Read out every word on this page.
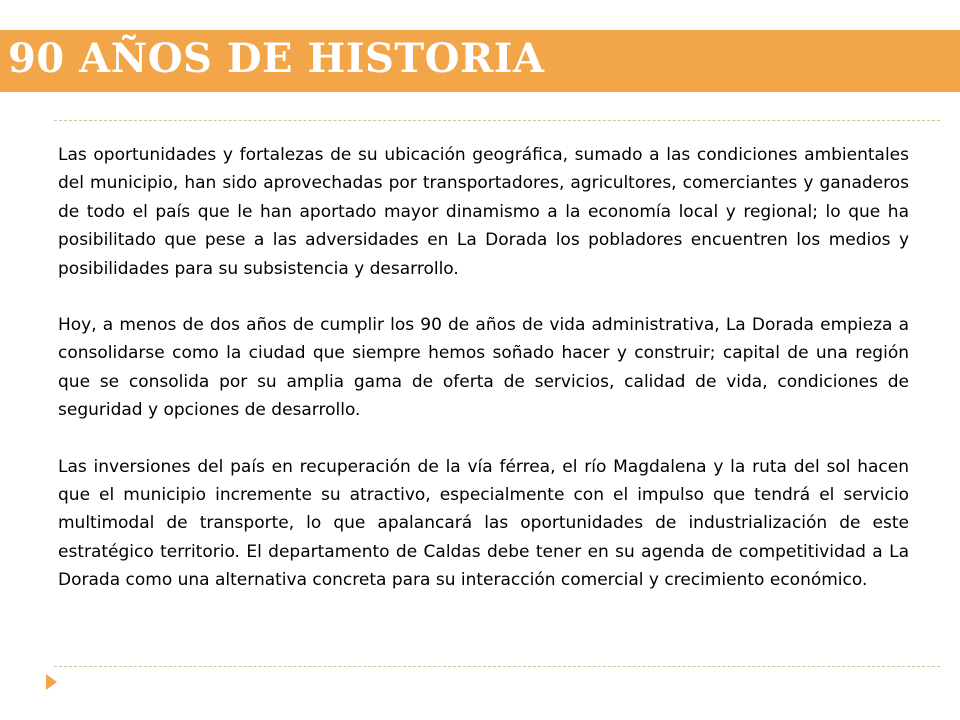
90 AÑOS DE HISTORIA

Las oportunidades y fortalezas de su ubicación geográfica, sumado a las condiciones ambientales del municipio, han sido aprovechadas por transportadores, agricultores, comerciantes y ganaderos de todo el país que le han aportado mayor dinamismo a la economía local y regional; lo que ha posibilitado que pese a las adversidades en La Dorada los pobladores encuentren los medios y posibilidades para su subsistencia y desarrollo.

Hoy, a menos de dos años de cumplir los 90 de años de vida administrativa, La Dorada empieza a consolidarse como la ciudad que siempre hemos soñado hacer y construir; capital de una región que se consolida por su amplia gama de oferta de servicios, calidad de vida, condiciones de seguridad y opciones de desarrollo.

Las inversiones del país en recuperación de la vía férrea, el río Magdalena y la ruta del sol hacen que el municipio incremente su atractivo, especialmente con el impulso que tendrá el servicio multimodal de transporte, lo que apalancará las oportunidades de industrialización de este estratégico territorio. El departamento de Caldas debe tener en su agenda de competitividad a La Dorada como una alternativa concreta para su interacción comercial y crecimiento económico.
